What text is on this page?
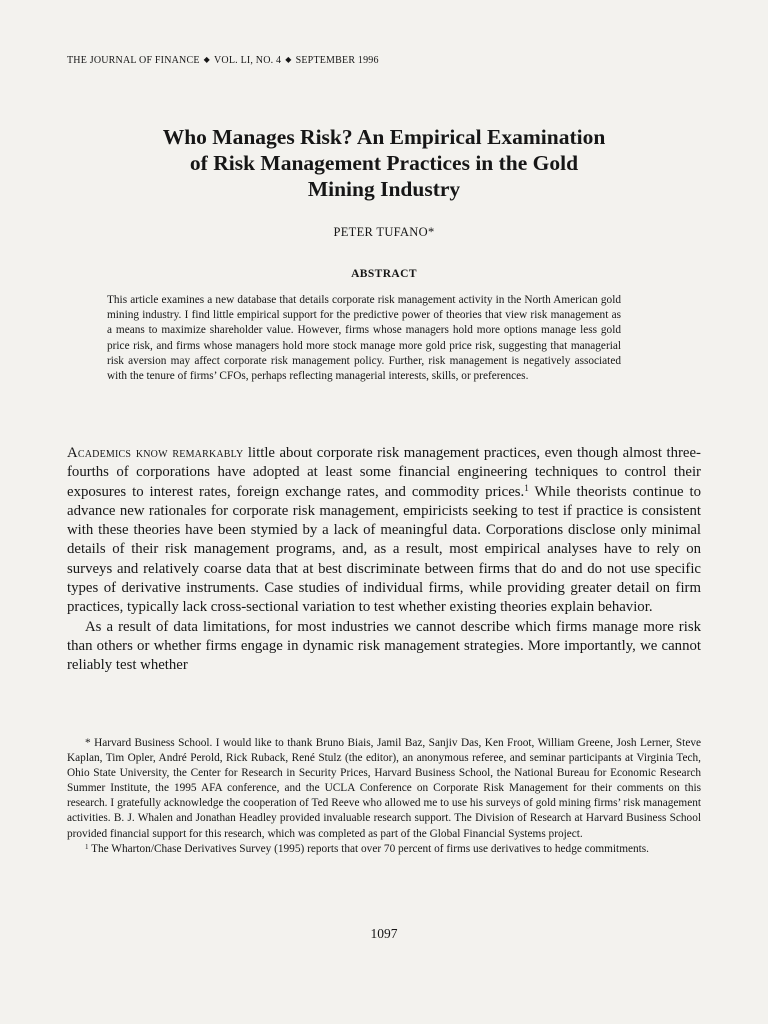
THE JOURNAL OF FINANCE ◆ VOL. LI, NO. 4 ◆ SEPTEMBER 1996
Who Manages Risk? An Empirical Examination
of Risk Management Practices in the Gold
Mining Industry
PETER TUFANO*
ABSTRACT
This article examines a new database that details corporate risk management activity in the North American gold mining industry. I find little empirical support for the predictive power of theories that view risk management as a means to maximize shareholder value. However, firms whose managers hold more options manage less gold price risk, and firms whose managers hold more stock manage more gold price risk, suggesting that managerial risk aversion may affect corporate risk management policy. Further, risk management is negatively associated with the tenure of firms’ CFOs, perhaps reflecting managerial interests, skills, or preferences.

Academics know remarkably little about corporate risk management practices, even though almost three-fourths of corporations have adopted at least some financial engineering techniques to control their exposures to interest rates, foreign exchange rates, and commodity prices.$^1$ While theorists continue to advance new rationales for corporate risk management, empiricists seeking to test if practice is consistent with these theories have been stymied by a lack of meaningful data. Corporations disclose only minimal details of their risk management programs, and, as a result, most empirical analyses have to rely on surveys and relatively coarse data that at best discriminate between firms that do and do not use specific types of derivative instruments. Case studies of individual firms, while providing greater detail on firm practices, typically lack cross-sectional variation to test whether existing theories explain behavior.

As a result of data limitations, for most industries we cannot describe which firms manage more risk than others or whether firms engage in dynamic risk management strategies. More importantly, we cannot reliably test whether

* Harvard Business School. I would like to thank Bruno Biais, Jamil Baz, Sanjiv Das, Ken Froot, William Greene, Josh Lerner, Steve Kaplan, Tim Opler, André Perold, Rick Ruback, René Stulz (the editor), an anonymous referee, and seminar participants at Virginia Tech, Ohio State University, the Center for Research in Security Prices, Harvard Business School, the National Bureau for Economic Research Summer Institute, the 1995 AFA conference, and the UCLA Conference on Corporate Risk Management for their comments on this research. I gratefully acknowledge the cooperation of Ted Reeve who allowed me to use his surveys of gold mining firms’ risk management activities. B. J. Whalen and Jonathan Headley provided invaluable research support. The Division of Research at Harvard Business School provided financial support for this research, which was completed as part of the Global Financial Systems project.

$^1$ The Wharton/Chase Derivatives Survey (1995) reports that over 70 percent of firms use derivatives to hedge commitments.

1097
